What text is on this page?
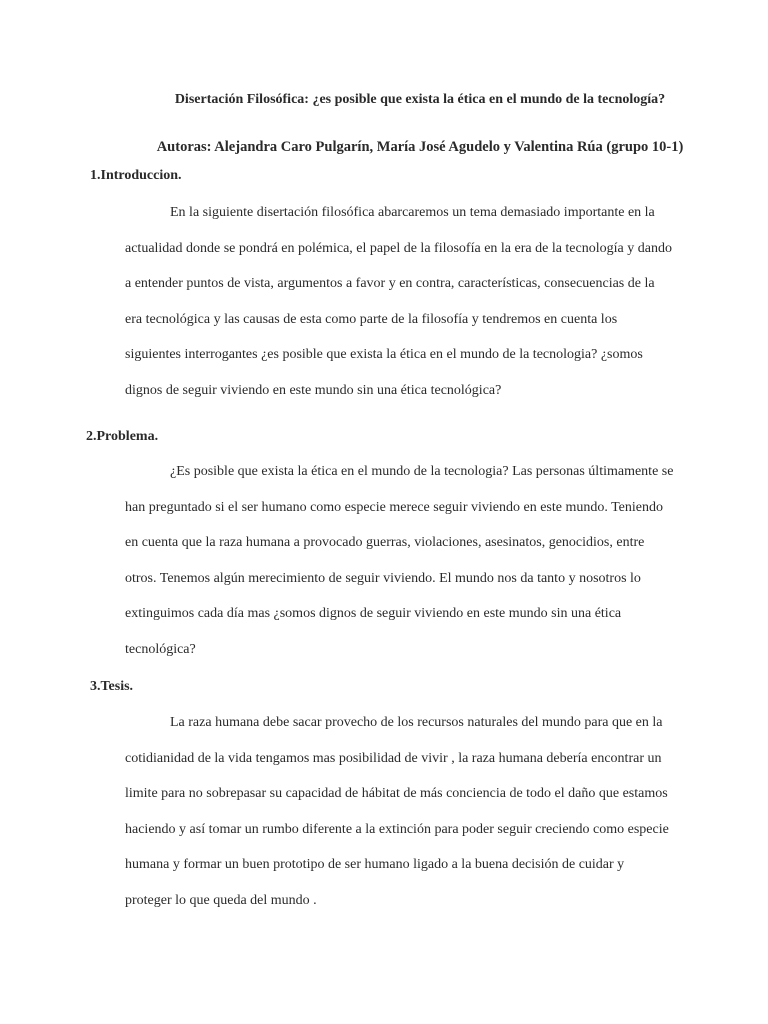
Disertación Filosófica: ¿es posible que exista la ética en el mundo de la tecnología?
Autoras: Alejandra Caro Pulgarín, María José Agudelo y Valentina Rúa (grupo 10-1)
1.Introduccion.
En la siguiente disertación filosófica abarcaremos un tema demasiado importante en la
actualidad donde se pondrá en polémica, el papel de la filosofía en la era de la tecnología y dando
a entender puntos de vista, argumentos a favor y en contra, características, consecuencias de la
era tecnológica y las causas de esta como parte de la filosofía y tendremos en cuenta los
siguientes interrogantes ¿es posible que exista la ética en el mundo de la tecnologia? ¿somos
dignos de seguir viviendo en este mundo sin una ética tecnológica?
2.Problema.
¿Es posible que exista la ética en el mundo de la tecnologia? Las personas últimamente se
han preguntado si el ser humano como especie merece seguir viviendo en este mundo. Teniendo
en cuenta que la raza humana a provocado guerras, violaciones, asesinatos, genocidios, entre
otros. Tenemos algún merecimiento de seguir viviendo. El mundo nos da tanto y nosotros lo
extinguimos cada día mas ¿somos dignos de seguir viviendo en este mundo sin una ética
tecnológica?
3.Tesis.
La raza humana debe sacar provecho de los recursos naturales del mundo para que en la
cotidianidad de la vida tengamos mas posibilidad de vivir , la raza humana debería encontrar un
limite para no sobrepasar su capacidad de hábitat de más conciencia de todo el daño que estamos
haciendo y así tomar un rumbo diferente a la extinción para poder seguir creciendo como especie
humana y formar un buen prototipo de ser humano ligado a la buena decisión de cuidar y
proteger lo que queda del mundo .
